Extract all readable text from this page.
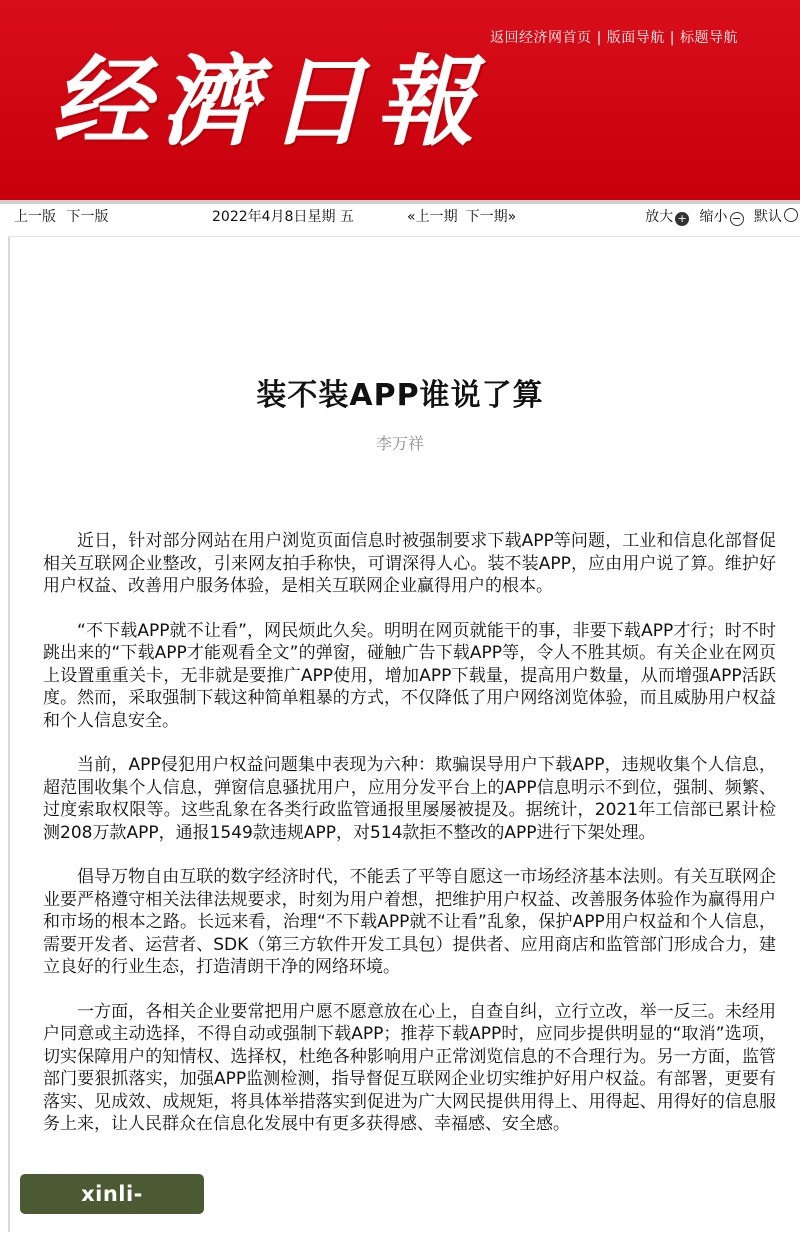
返回经济网首页 | 版面导航 | 标题导航
经濟日報
上一版 下一版	2022年4月8日星期 五	«上一期 下一期»	放大 + 缩小 − 默认
装不装APP谁说了算
李万祥

近日，针对部分网站在用户浏览页面信息时被强制要求下载APP等问题，工业和信息化部督促相关互联网企业整改，引来网友拍手称快，可谓深得人心。装不装APP，应由用户说了算。维护好用户权益、改善用户服务体验，是相关互联网企业赢得用户的根本。

“不下载APP就不让看”，网民烦此久矣。明明在网页就能干的事，非要下载APP才行；时不时跳出来的“下载APP才能观看全文”的弹窗，碰触广告下载APP等，令人不胜其烦。有关企业在网页上设置重重关卡，无非就是要推广APP使用，增加APP下载量，提高用户数量，从而增强APP活跃度。然而，采取强制下载这种简单粗暴的方式，不仅降低了用户网络浏览体验，而且威胁用户权益和个人信息安全。

当前，APP侵犯用户权益问题集中表现为六种：欺骗误导用户下载APP，违规收集个人信息，超范围收集个人信息，弹窗信息骚扰用户，应用分发平台上的APP信息明示不到位，强制、频繁、过度索取权限等。这些乱象在各类行政监管通报里屡屡被提及。据统计，2021年工信部已累计检测208万款APP，通报1549款违规APP，对514款拒不整改的APP进行下架处理。

倡导万物自由互联的数字经济时代，不能丢了平等自愿这一市场经济基本法则。有关互联网企业要严格遵守相关法律法规要求，时刻为用户着想，把维护用户权益、改善服务体验作为赢得用户和市场的根本之路。长远来看，治理“不下载APP就不让看”乱象，保护APP用户权益和个人信息，需要开发者、运营者、SDK（第三方软件开发工具包）提供者、应用商店和监管部门形成合力，建立良好的行业生态，打造清朗干净的网络环境。

一方面，各相关企业要常把用户愿不愿意放在心上，自查自纠，立行立改，举一反三。未经用户同意或主动选择，不得自动或强制下载APP；推荐下载APP时，应同步提供明显的“取消”选项，切实保障用户的知情权、选择权，杜绝各种影响用户正常浏览信息的不合理行为。另一方面，监管部门要狠抓落实，加强APP监测检测，指导督促互联网企业切实维护好用户权益。有部署，更要有落实、见成效、成规矩，将具体举措落实到促进为广大网民提供用得上、用得起、用得好的信息服务上来，让人民群众在信息化发展中有更多获得感、幸福感、安全感。

xinli-18.com.cn
